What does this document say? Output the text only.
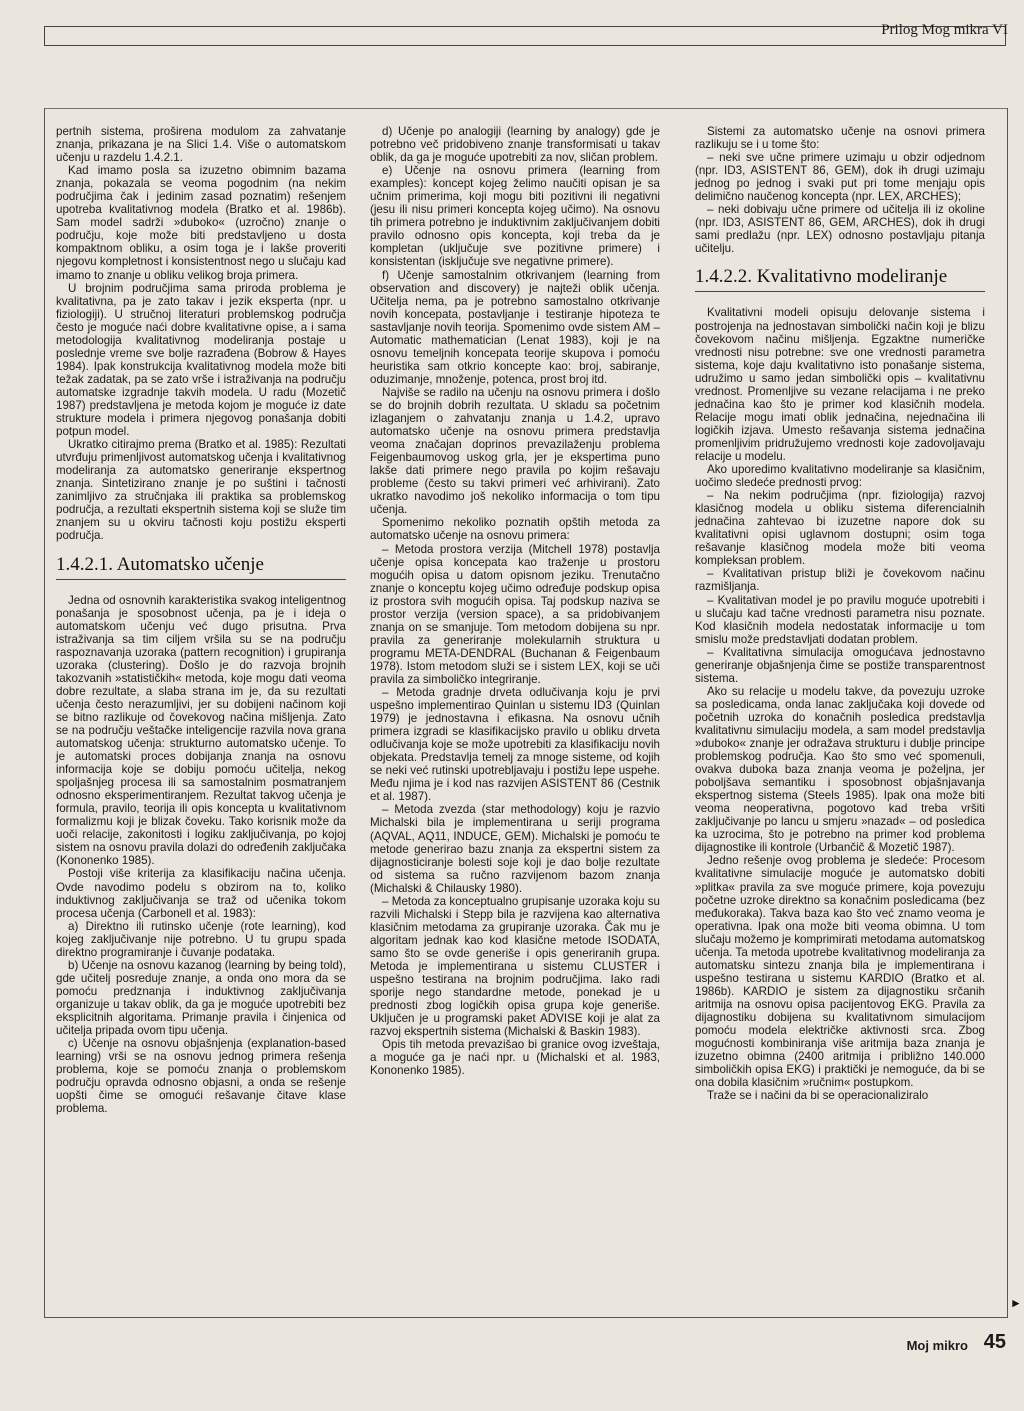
Prilog Mog mikra VI

pertnih sistema, proširena modulom za zahvatanje znanja, prikazana je na Slici 1.4. Više o automatskom učenju u razdelu 1.4.2.1.

Kad imamo posla sa izuzetno obimnim bazama znanja, pokazala se veoma pogodnim (na nekim područjima čak i jedinim zasad poznatim) rešenjem upotreba kvalitativnog modela (Bratko et al. 1986b). Sam model sadrži »duboko« (uzročno) znanje o području, koje može biti predstavljeno u dosta kompaktnom obliku, a osim toga je i lakše proveriti njegovu kompletnost i konsistentnost nego u slučaju kad imamo to znanje u obliku velikog broja primera.

U brojnim područjima sama priroda problema je kvalitativna, pa je zato takav i jezik eksperta (npr. u fiziologiji). U stručnoj literaturi problemskog područja često je moguće naći dobre kvalitativne opise, a i sama metodologija kvalitativnog modeliranja postaje u poslednje vreme sve bolje razrađena (Bobrow & Hayes 1984). Ipak konstrukcija kvalitativnog modela može biti težak zadatak, pa se zato vrše i istraživanja na području automatske izgradnje takvih modela. U radu (Mozetič 1987) predstavljena je metoda kojom je moguće iz date strukture modela i primera njegovog ponašanja dobiti potpun model.

Ukratko citirajmo prema (Bratko et al. 1985): Rezultati utvrđuju primenljivost automatskog učenja i kvalitativnog modeliranja za automatsko generiranje ekspertnog znanja. Sintetizirano znanje je po suštini i tačnosti zanimljivo za stručnjaka ili praktika sa problemskog područja, a rezultati ekspertnih sistema koji se služe tim znanjem su u okviru tačnosti koju postižu eksperti područja.

1.4.2.1. Automatsko učenje

Jedna od osnovnih karakteristika svakog inteligentnog ponašanja je sposobnost učenja, pa je i ideja o automatskom učenju već dugo prisutna. Prva istraživanja sa tim ciljem vršila su se na području raspoznavanja uzoraka (pattern recognition) i grupiranja uzoraka (clustering). Došlo je do razvoja brojnih takozvanih »statističkih« metoda, koje mogu dati veoma dobre rezultate, a slaba strana im je, da su rezultati učenja često nerazumljivi, jer su dobijeni načinom koji se bitno razlikuje od čovekovog načina mišljenja. Zato se na području veštačke inteligencije razvila nova grana automatskog učenja: strukturno automatsko učenje. To je automatski proces dobijanja znanja na osnovu informacija koje se dobiju pomoću učitelja, nekog spoljašnjeg procesa ili sa samostalnim posmatranjem odnosno eksperimentiranjem. Rezultat takvog učenja je formula, pravilo, teorija ili opis koncepta u kvalitativnom formalizmu koji je blizak čoveku. Tako korisnik može da uoči relacije, zakonitosti i logiku zaključivanja, po kojoj sistem na osnovu pravila dolazi do određenih zaključaka (Kononenko 1985).

Postoji više kriterija za klasifikaciju načina učenja. Ovde navodimo podelu s obzirom na to, koliko induktivnog zaključivanja se traž od učenika tokom procesa učenja (Carbonell et al. 1983):

a) Direktno ili rutinsko učenje (rote learning), kod kojeg zaključivanje nije potrebno. U tu grupu spada direktno programiranje i čuvanje podataka.

b) Učenje na osnovu kazanog (learning by being told), gde učitelj posreduje znanje, a onda ono mora da se pomoću predznanja i induktivnog zaključivanja organizuje u takav oblik, da ga je moguće upotrebiti bez eksplicitnih algoritama. Primanje pravila i činjenica od učitelja pripada ovom tipu učenja.

c) Učenje na osnovu objašnjenja (explanation-based learning) vrši se na osnovu jednog primera rešenja problema, koje se pomoću znanja o problemskom području opravda odnosno objasni, a onda se rešenje uopšti čime se omogući rešavanje čitave klase problema.

d) Učenje po analogiji (learning by analogy) gde je potrebno več pridobiveno znanje transformisati u takav oblik, da ga je moguće upotrebiti za nov, sličan problem.

e) Učenje na osnovu primera (learning from examples): koncept kojeg želimo naučiti opisan je sa učnim primerima, koji mogu biti pozitivni ili negativni (jesu ili nisu primeri koncepta kojeg učimo). Na osnovu tih primera potrebno je induktivnim zaključivanjem dobiti pravilo odnosno opis koncepta, koji treba da je kompletan (uključuje sve pozitivne primere) i konsistentan (isključuje sve negativne primere).

f) Učenje samostalnim otkrivanjem (learning from observation and discovery) je najteži oblik učenja. Učitelja nema, pa je potrebno samostalno otkrivanje novih koncepata, postavljanje i testiranje hipoteza te sastavljanje novih teorija. Spomenimo ovde sistem AM – Automatic mathematician (Lenat 1983), koji je na osnovu temeljnih koncepata teorije skupova i pomoću heuristika sam otkrio koncepte kao: broj, sabiranje, oduzimanje, množenje, potenca, prost broj itd.

Najviše se radilo na učenju na osnovu primera i došlo se do brojnih dobrih rezultata. U skladu sa početnim izlaganjem o zahvatanju znanja u 1.4.2, upravo automatsko učenje na osnovu primera predstavlja veoma značajan doprinos prevazilaženju problema Feigenbaumovog uskog grla, jer je ekspertima puno lakše dati primere nego pravila po kojim rešavaju probleme (često su takvi primeri već arhivirani). Zato ukratko navodimo još nekoliko informacija o tom tipu učenja.

Spomenimo nekoliko poznatih opštih metoda za automatsko učenje na osnovu primera:

– Metoda prostora verzija (Mitchell 1978) postavlja učenje opisa koncepata kao traženje u prostoru mogućih opisa u datom opisnom jeziku. Trenutačno znanje o konceptu kojeg učimo određuje podskup opisa iz prostora svih mogućih opisa. Taj podskup naziva se prostor verzija (version space), a sa pridobivanjem znanja on se smanjuje. Tom metodom dobijena su npr. pravila za generiranje molekularnih struktura u programu META-DENDRAL (Buchanan & Feigenbaum 1978). Istom metodom služi se i sistem LEX, koji se uči pravila za simboličko integriranje.

– Metoda gradnje drveta odlučivanja koju je prvi uspešno implementirao Quinlan u sistemu ID3 (Quinlan 1979) je jednostavna i efikasna. Na osnovu učnih primera izgradi se klasifikacijsko pravilo u obliku drveta odlučivanja koje se može upotrebiti za klasifikaciju novih objekata. Predstavlja temelj za mnoge sisteme, od kojih se neki već rutinski upotrebljavaju i postižu lepe uspehe. Među njima je i kod nas razvijen ASISTENT 86 (Cestnik et al. 1987).

– Metoda zvezda (star methodology) koju je razvio Michalski bila je implementirana u seriji programa (AQVAL, AQ11, INDUCE, GEM). Michalski je pomoću te metode generirao bazu znanja za ekspertni sistem za dijagnosticiranje bolesti soje koji je dao bolje rezultate od sistema sa ručno razvijenom bazom znanja (Michalski & Chilausky 1980).

– Metoda za konceptualno grupisanje uzoraka koju su razvili Michalski i Stepp bila je razvijena kao alternativa klasičnim metodama za grupiranje uzoraka. Čak mu je algoritam jednak kao kod klasične metode ISODATA, samo što se ovde generiše i opis generiranih grupa. Metoda je implementirana u sistemu CLUSTER i uspešno testirana na brojnim područjima. Iako radi sporije nego standardne metode, ponekad je u prednosti zbog logičkih opisa grupa koje generiše. Uključen je u programski paket ADVISE koji je alat za razvoj ekspertnih sistema (Michalski & Baskin 1983).

Opis tih metoda prevazišao bi granice ovog izveštaja, a moguće ga je naći npr. u (Michalski et al. 1983, Kononenko 1985).

Sistemi za automatsko učenje na osnovi primera razlikuju se i u tome što:

– neki sve učne primere uzimaju u obzir odjednom (npr. ID3, ASISTENT 86, GEM), dok ih drugi uzimaju jednog po jednog i svaki put pri tome menjaju opis delimično naučenog koncepta (npr. LEX, ARCHES);

– neki dobivaju učne primere od učitelja ili iz okoline (npr. ID3, ASISTENT 86, GEM, ARCHES), dok ih drugi sami predlažu (npr. LEX) odnosno postavljaju pitanja učitelju.

1.4.2.2. Kvalitativno modeliranje

Kvalitativni modeli opisuju delovanje sistema i postrojenja na jednostavan simbolički način koji je blizu čovekovom načinu mišljenja. Egzaktne numeričke vrednosti nisu potrebne: sve one vrednosti parametra sistema, koje daju kvalitativno isto ponašanje sistema, udružimo u samo jedan simbolički opis – kvalitativnu vrednost. Promenljive su vezane relacijama i ne preko jednačina kao što je primer kod klasičnih modela. Relacije mogu imati oblik jednačina, nejednačina ili logičkih izjava. Umesto rešavanja sistema jednačina promenljivim pridružujemo vrednosti koje zadovoljavaju relacije u modelu.

Ako uporedimo kvalitativno modeliranje sa klasičnim, uočimo sledeće prednosti prvog:

– Na nekim područjima (npr. fiziologija) razvoj klasičnog modela u obliku sistema diferencialnih jednačina zahtevao bi izuzetne napore dok su kvalitativni opisi uglavnom dostupni; osim toga rešavanje klasičnog modela može biti veoma kompleksan problem.

– Kvalitativan pristup bliži je čovekovom načinu razmišljanja.

– Kvalitativan model je po pravilu moguće upotrebiti i u slučaju kad tačne vrednosti parametra nisu poznate. Kod klasičnih modela nedostatak informacije u tom smislu može predstavljati dodatan problem.

– Kvalitativna simulacija omogućava jednostavno generiranje objašnjenja čime se postiže transparentnost sistema.

Ako su relacije u modelu takve, da povezuju uzroke sa posledicama, onda lanac zaključaka koji dovede od početnih uzroka do konačnih posledica predstavlja kvalitativnu simulaciju modela, a sam model predstavlja »duboko« znanje jer odražava strukturu i dublje principe problemskog područja. Kao što smo već spomenuli, ovakva duboka baza znanja veoma je poželjna, jer poboljšava semantiku i sposobnost objašnjavanja ekspertnog sistema (Steels 1985). Ipak ona može biti veoma neoperativna, pogotovo kad treba vršiti zaključivanje po lancu u smjeru »nazad« – od posledica ka uzrocima, što je potrebno na primer kod problema dijagnostike ili kontrole (Urbančič & Mozetič 1987).

Jedno rešenje ovog problema je sledeće: Procesom kvalitativne simulacije moguće je automatsko dobiti »plitka« pravila za sve moguće primere, koja povezuju početne uzroke direktno sa konačnim posledicama (bez međukoraka). Takva baza kao što već znamo veoma je operativna. Ipak ona može biti veoma obimna. U tom slučaju možemo je komprimirati metodama automatskog učenja. Ta metoda upotrebe kvalitativnog modeliranja za automatsku sintezu znanja bila je implementirana i uspešno testirana u sistemu KARDIO (Bratko et al. 1986b). KARDIO je sistem za dijagnostiku srčanih aritmija na osnovu opisa pacijentovog EKG. Pravila za dijagnostiku dobijena su kvalitativnom simulacijom pomoću modela električke aktivnosti srca. Zbog mogućnosti kombiniranja više aritmija baza znanja je izuzetno obimna (2400 aritmija i približno 140.000 simboličkih opisa EKG) i praktički je nemoguće, da bi se ona dobila klasičnim »ručnim« postupkom.

Traže se i načini da bi se operacionaliziralo

►
Moj mikro 45
